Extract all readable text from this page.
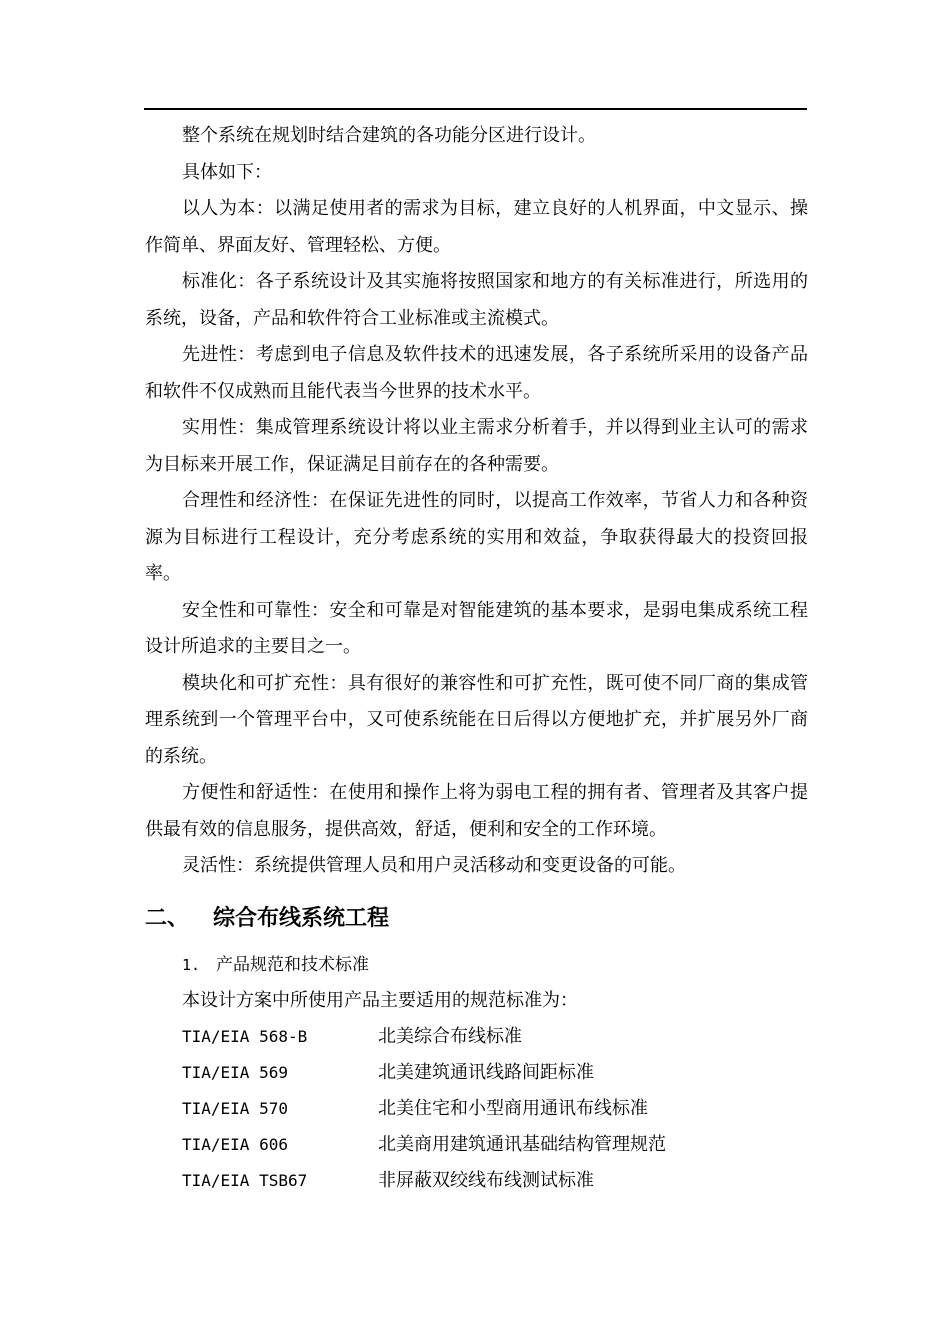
整个系统在规划时结合建筑的各功能分区进行设计。

具体如下：

以人为本：以满足使用者的需求为目标，建立良好的人机界面，中文显示、操作简单、界面友好、管理轻松、方便。

标准化：各子系统设计及其实施将按照国家和地方的有关标准进行，所选用的系统，设备，产品和软件符合工业标准或主流模式。

先进性：考虑到电子信息及软件技术的迅速发展，各子系统所采用的设备产品和软件不仅成熟而且能代表当今世界的技术水平。

实用性：集成管理系统设计将以业主需求分析着手，并以得到业主认可的需求为目标来开展工作，保证满足目前存在的各种需要。

合理性和经济性：在保证先进性的同时，以提高工作效率，节省人力和各种资源为目标进行工程设计，充分考虑系统的实用和效益，争取获得最大的投资回报率。

安全性和可靠性：安全和可靠是对智能建筑的基本要求，是弱电集成系统工程设计所追求的主要目之一。

模块化和可扩充性：具有很好的兼容性和可扩充性，既可使不同厂商的集成管理系统到一个管理平台中，又可使系统能在日后得以方便地扩充，并扩展另外厂商的系统。

方便性和舒适性：在使用和操作上将为弱电工程的拥有者、管理者及其客户提供最有效的信息服务，提供高效，舒适，便利和安全的工作环境。

灵活性：系统提供管理人员和用户灵活移动和变更设备的可能。

二、	综合布线系统工程
1. 产品规范和技术标准

本设计方案中所使用产品主要适用的规范标准为：

TIA/EIA 568-B	北美综合布线标准
TIA/EIA 569	北美建筑通讯线路间距标准
TIA/EIA 570	北美住宅和小型商用通讯布线标准
TIA/EIA 606	北美商用建筑通讯基础结构管理规范
TIA/EIA TSB67	非屏蔽双绞线布线测试标准
